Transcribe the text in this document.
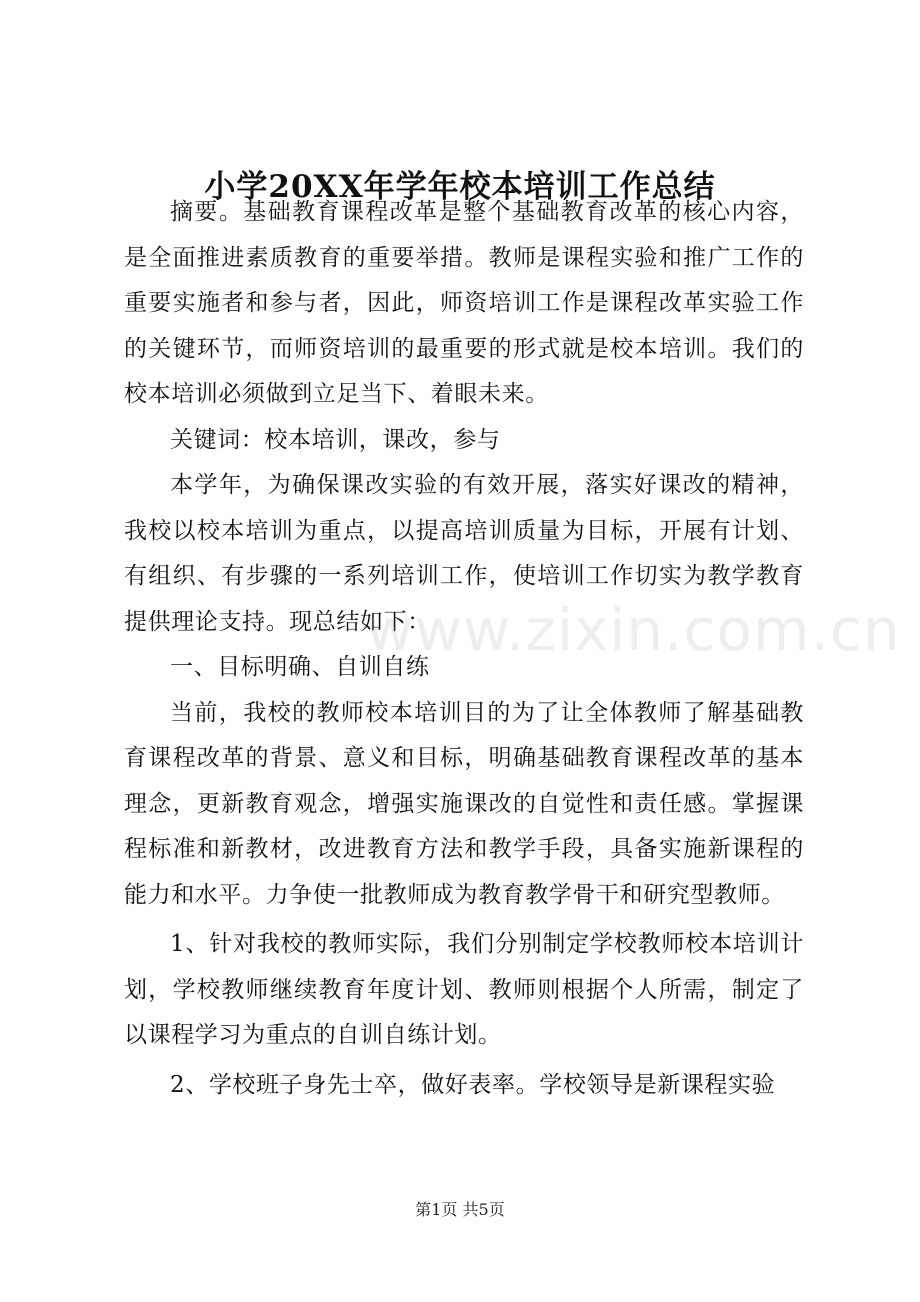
小学20XX年学年校本培训工作总结

摘要。基础教育课程改革是整个基础教育改革的核心内容，是全面推进素质教育的重要举措。教师是课程实验和推广工作的重要实施者和参与者，因此，师资培训工作是课程改革实验工作的关键环节，而师资培训的最重要的形式就是校本培训。我们的校本培训必须做到立足当下、着眼未来。

关键词：校本培训，课改，参与

本学年，为确保课改实验的有效开展，落实好课改的精神，我校以校本培训为重点，以提高培训质量为目标，开展有计划、有组织、有步骤的一系列培训工作，使培训工作切实为教学教育提供理论支持。现总结如下：

一、目标明确、自训自练

当前，我校的教师校本培训目的为了让全体教师了解基础教育课程改革的背景、意义和目标，明确基础教育课程改革的基本理念，更新教育观念，增强实施课改的自觉性和责任感。掌握课程标准和新教材，改进教育方法和教学手段，具备实施新课程的能力和水平。力争使一批教师成为教育教学骨干和研究型教师。

1、针对我校的教师实际，我们分别制定学校教师校本培训计划，学校教师继续教育年度计划、教师则根据个人所需，制定了以课程学习为重点的自训自练计划。

2、学校班子身先士卒，做好表率。学校领导是新课程实验

www.zixin.com.cn
第1页 共5页
